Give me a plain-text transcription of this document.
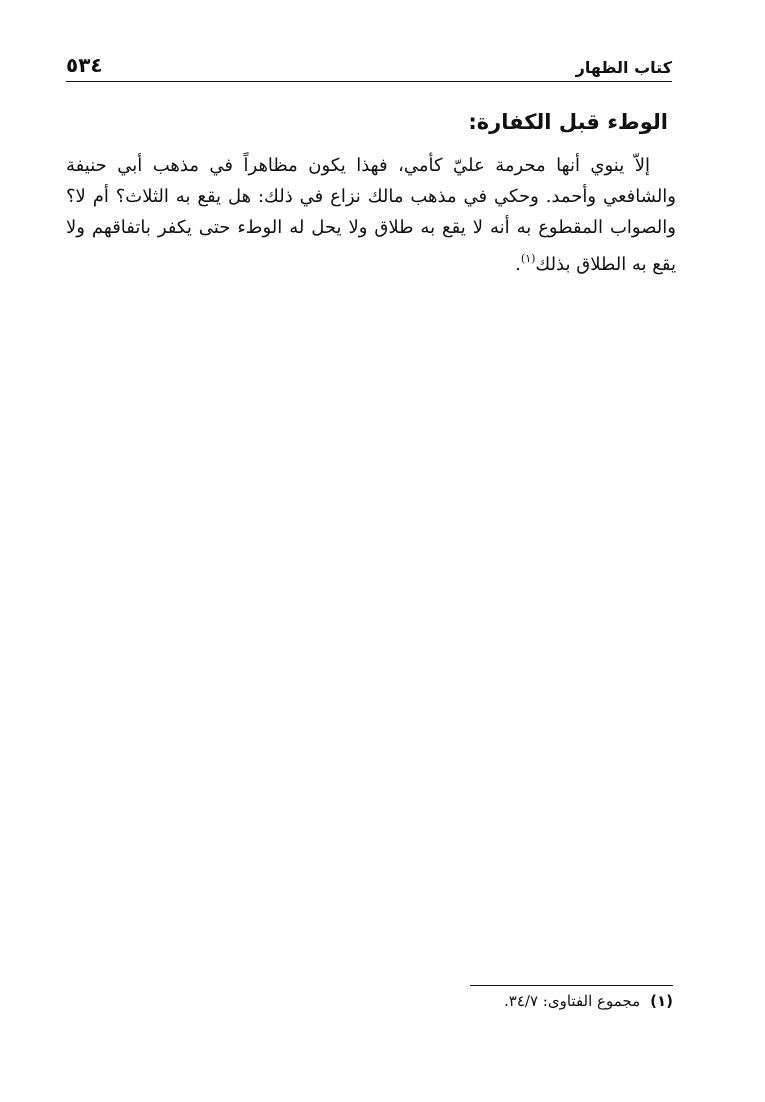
كتاب الظهار
٥٣٤
الوطء قبل الكفارة:

إلاّ ينوي أنها محرمة عليّ كأمي، فهذا يكون مظاهراً في مذهب أبي حنيفة والشافعي وأحمد. وحكي في مذهب مالك نزاع في ذلك: هل يقع به الثلاث؟ أم لا؟ والصواب المقطوع به أنه لا يقع به طلاق ولا يحل له الوطء حتى يكفر باتفاقهم ولا يقع به الطلاق بذلك$^{(١)}$.

(١)مجموع الفتاوى: ٣٤/٧.
